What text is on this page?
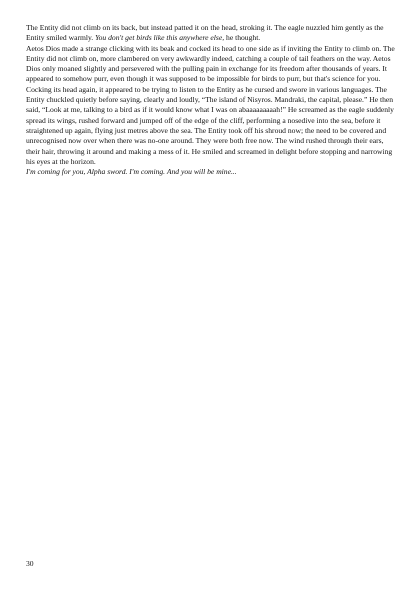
The Entity did not climb on its back, but instead patted it on the head, stroking it. The eagle nuzzled him gently as the Entity smiled warmly. You don't get birds like this anywhere else, he thought.

Aetos Dios made a strange clicking with its beak and cocked its head to one side as if inviting the Entity to climb on. The Entity did not climb on, more clambered on very awkwardly indeed, catching a couple of tail feathers on the way. Aetos Dios only moaned slightly and persevered with the pulling pain in exchange for its freedom after thousands of years. It appeared to somehow purr, even though it was supposed to be impossible for birds to purr, but that's science for you. Cocking its head again, it appeared to be trying to listen to the Entity as he cursed and swore in various languages. The Entity chuckled quietly before saying, clearly and loudly, “The island of Nisyros. Mandraki, the capital, please.” He then said, “Look at me, talking to a bird as if it would know what I was on abaaaaaaaaah!” He screamed as the eagle suddenly spread its wings, rushed forward and jumped off of the edge of the cliff, performing a nosedive into the sea, before it straightened up again, flying just metres above the sea. The Entity took off his shroud now; the need to be covered and unrecognised now over when there was no-one around. They were both free now. The wind rushed through their ears, their hair, throwing it around and making a mess of it. He smiled and screamed in delight before stopping and narrowing his eyes at the horizon.

I'm coming for you, Alpha sword. I'm coming. And you will be mine...

30
